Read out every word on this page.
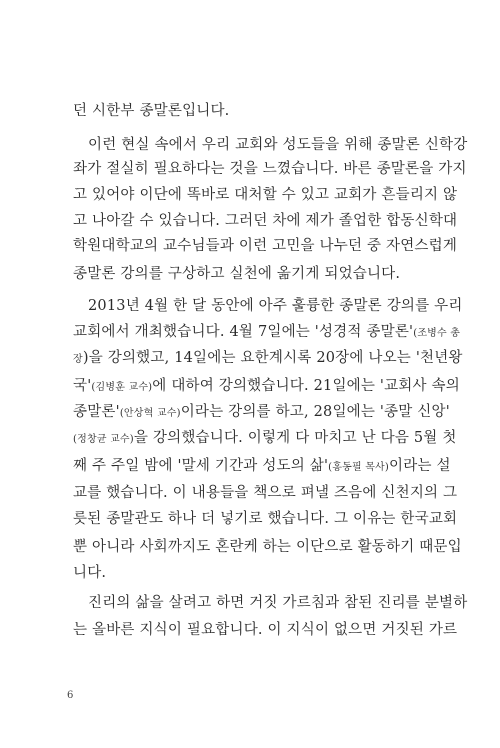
던 시한부 종말론입니다.
이런 현실 속에서 우리 교회와 성도들을 위해 종말론 신학강
좌가 절실히 필요하다는 것을 느꼈습니다. 바른 종말론을 가지
고 있어야 이단에 똑바로 대처할 수 있고 교회가 흔들리지 않
고 나아갈 수 있습니다. 그러던 차에 제가 졸업한 합동신학대
학원대학교의 교수님들과 이런 고민을 나누던 중 자연스럽게
종말론 강의를 구상하고 실천에 옮기게 되었습니다.
2013년 4월 한 달 동안에 아주 훌륭한 종말론 강의를 우리
교회에서 개최했습니다. 4월 7일에는 '성경적 종말론'(조병수 총
장)을 강의했고, 14일에는 요한계시록 20장에 나오는 '천년왕
국'(김병훈 교수)에 대하여 강의했습니다. 21일에는 '교회사 속의
종말론'(안상혁 교수)이라는 강의를 하고, 28일에는 '종말 신앙'
(정창균 교수)을 강의했습니다. 이렇게 다 마치고 난 다음 5월 첫
째 주 주일 밤에 '말세 기간과 성도의 삶'(홍동필 목사)이라는 설
교를 했습니다. 이 내용들을 책으로 펴낼 즈음에 신천지의 그
릇된 종말관도 하나 더 넣기로 했습니다. 그 이유는 한국교회
뿐 아니라 사회까지도 혼란케 하는 이단으로 활동하기 때문입
니다.
진리의 삶을 살려고 하면 거짓 가르침과 참된 진리를 분별하
는 올바른 지식이 필요합니다. 이 지식이 없으면 거짓된 가르
6
